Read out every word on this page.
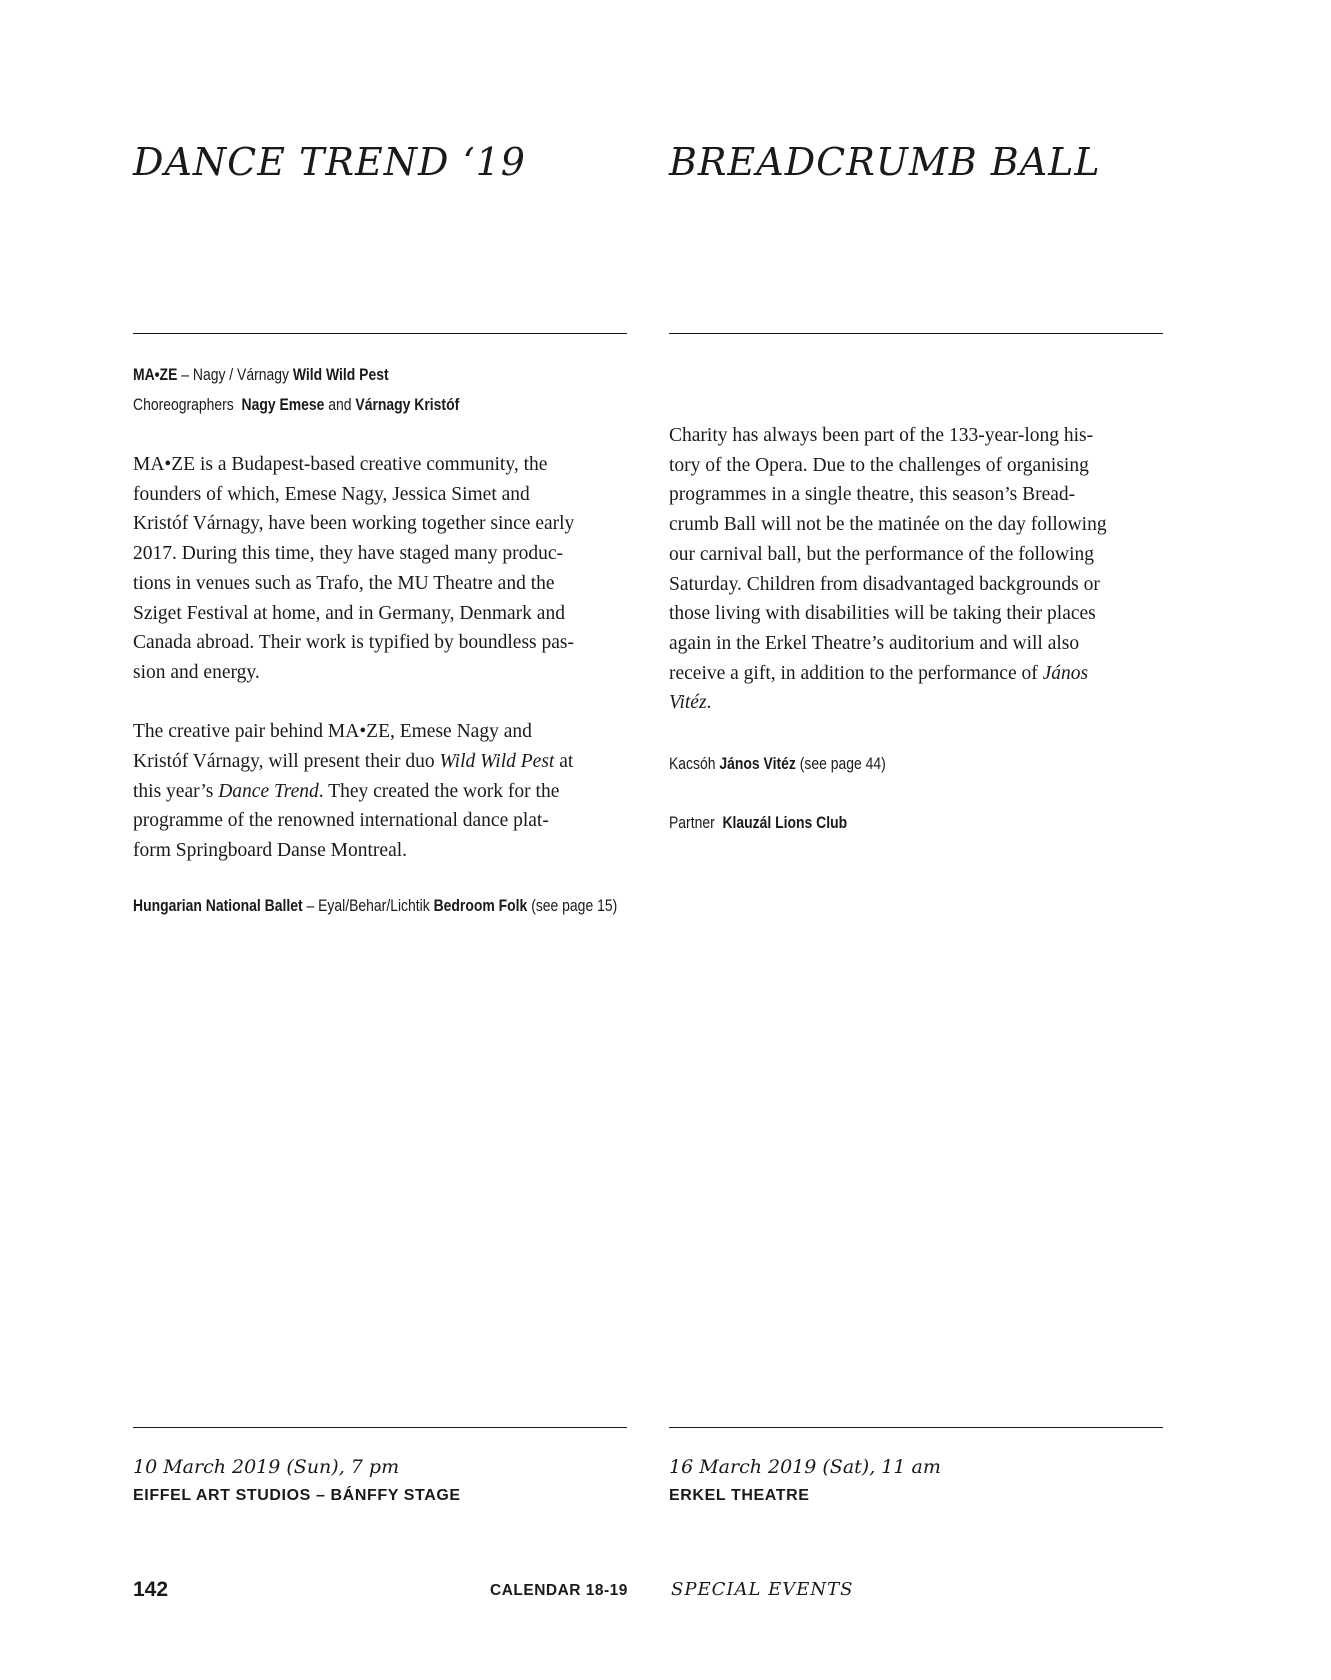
DANCE TREND ‘19
MA•ZE – Nagy / Várnagy Wild Wild Pest
Choreographers Nagy Emese and Várnagy Kristóf

MA•ZE is a Budapest-based creative community, the
founders of which, Emese Nagy, Jessica Simet and
Kristóf Várnagy, have been working together since early
2017. During this time, they have staged many produc-
tions in venues such as Trafo, the MU Theatre and the
Sziget Festival at home, and in Germany, Denmark and
Canada abroad. Their work is typified by boundless pas-
sion and energy.

The creative pair behind MA•ZE, Emese Nagy and
Kristóf Várnagy, will present their duo Wild Wild Pest at
this year’s Dance Trend. They created the work for the
programme of the renowned international dance plat-
form Springboard Danse Montreal.

Hungarian National Ballet – Eyal/Behar/Lichtik Bedroom Folk (see page 15)
10 March 2019 (Sun), 7 pm
EIFFEL ART STUDIOS – BÁNFFY STAGE
BREADCRUMB BALL

Charity has always been part of the 133-year-long his-
tory of the Opera. Due to the challenges of organising
programmes in a single theatre, this season’s Bread-
crumb Ball will not be the matinée on the day following
our carnival ball, but the performance of the following
Saturday. Children from disadvantaged backgrounds or
those living with disabilities will be taking their places
again in the Erkel Theatre’s auditorium and will also
receive a gift, in addition to the performance of János
Vitéz.

Kacsóh János Vitéz (see page 44)
Partner Klauzál Lions Club
16 March 2019 (Sat), 11 am
ERKEL THEATRE
142	CALENDAR 18-19 SPECIAL EVENTS
